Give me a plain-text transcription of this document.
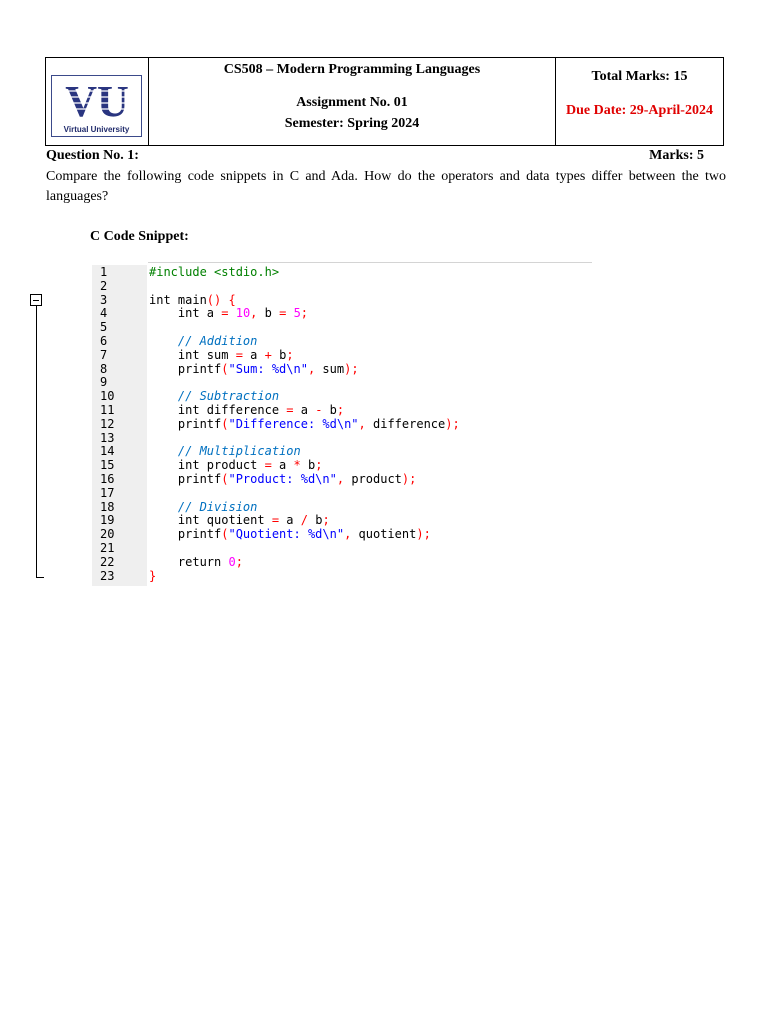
VU
Virtual University
CS508 – Modern Programming Languages
Assignment No. 01
Semester: Spring 2024
Total Marks: 15
Due Date: 29-April-2024
Question No. 1:	Marks: 5
Compare the following code snippets in C and Ada. How do the operators and data types differ between the two languages?
C Code Snippet:
1	#include <stdio.h>
2
3	int main() {
4	int a = 10, b = 5;
5
6	// Addition
7	int sum = a + b;
8	printf("Sum: %d\n", sum);
9
10	// Subtraction
11	int difference = a - b;
12	printf("Difference: %d\n", difference);
13
14	// Multiplication
15	int product = a * b;
16	printf("Product: %d\n", product);
17
18	// Division
19	int quotient = a / b;
20	printf("Quotient: %d\n", quotient);
21
22	return 0;
23	}
